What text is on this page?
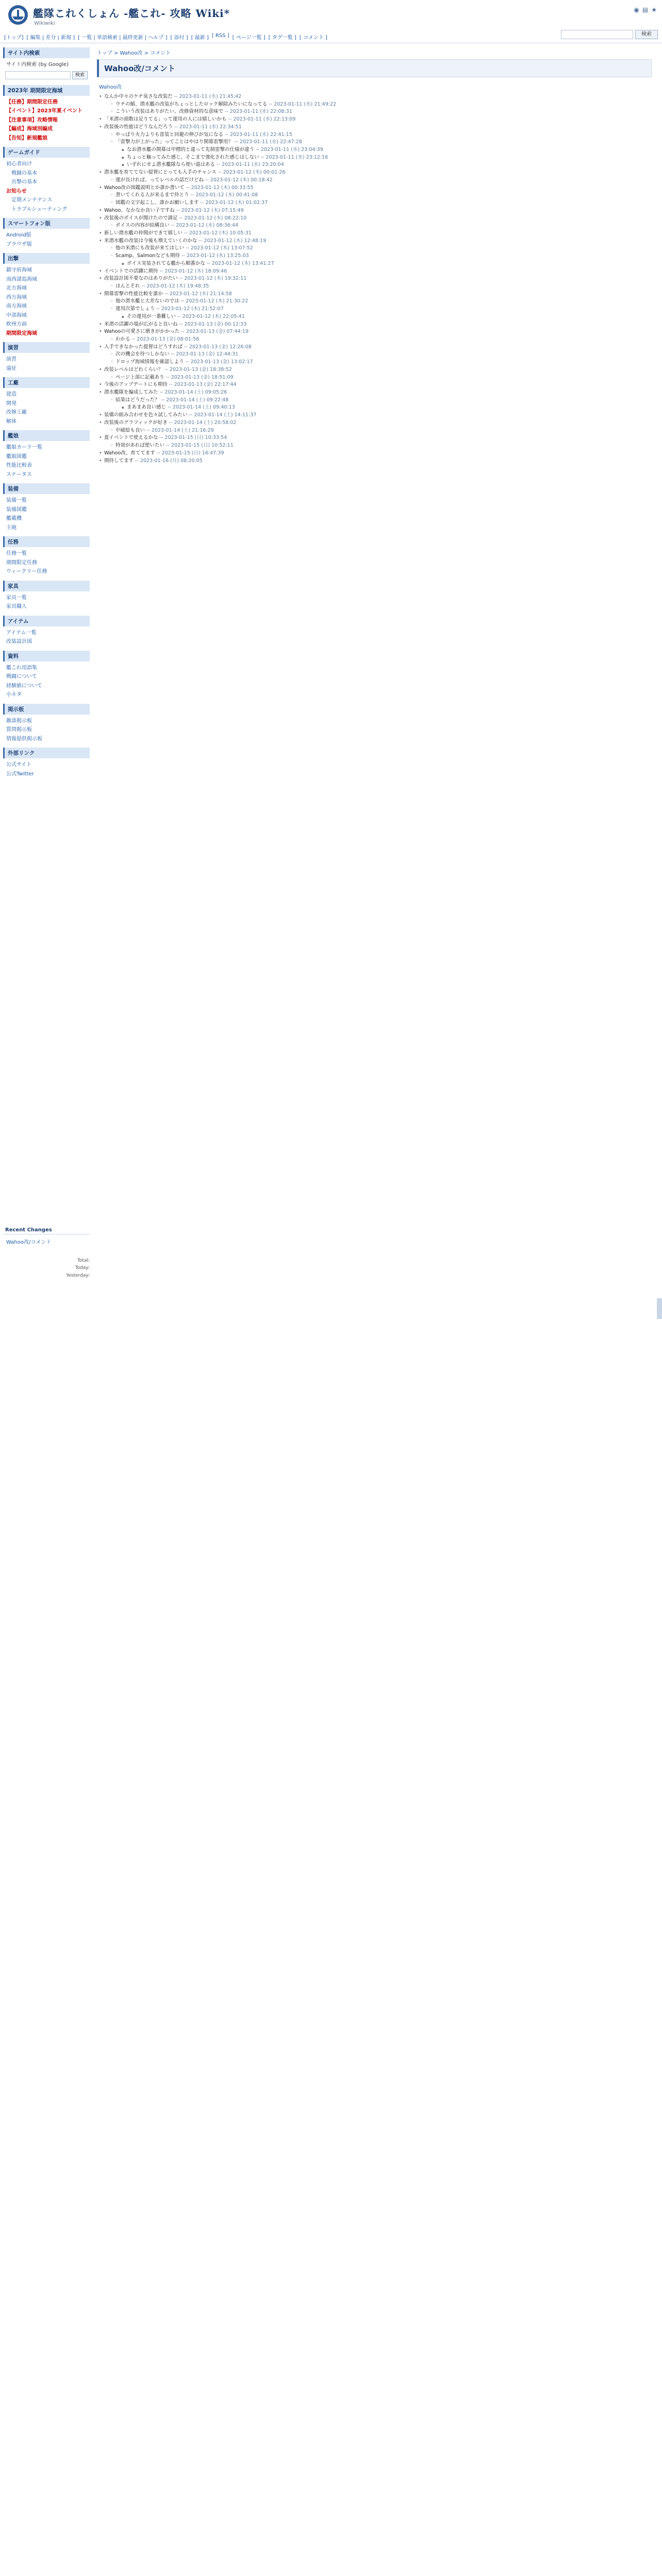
艦隊これくしょん -艦これ- 攻略 Wiki*
Wikiwiki
◉ ▤ ★
[トップ] [ 編集 | 差分 | 新規 ] [ 一覧 | 単語検索 | 最終更新 | ヘルプ ] [ 添付 ] [ 最新 ] [ RSS ] [ ページ一覧 ] [ タグ一覧 ] [ コメント ]
検索
サイト内検索
サイト内検索 (by Google)
検索
2023年 期間限定海域
【任務】期間限定任務
【イベント】2023年夏イベント
【注意事項】攻略情報
【編成】海域別編成
【告知】新規艦娘
ゲームガイド
初心者向け
戦闘の基本
出撃の基本
お知らせ
定期メンテナンス
トラブルシューティング
スマートフォン版
Android版
ブラウザ版
出撃
鎮守府海域
南西諸島海域
北方海域
西方海域
南方海域
中部海域
欧州方面
期間限定海域
演習
演習
遠征
工廠
建造
開発
改修工廠
解体
艦娘
艦娘カード一覧
艦娘図鑑
性能比較表
ステータス
装備
装備一覧
装備図鑑
艦載機
主砲
任務
任務一覧
期間限定任務
ウィークリー任務
家具
家具一覧
家具職人
アイテム
アイテム一覧
改装設計図
資料
艦これ用語集
戦闘について
経験値について
小ネタ
掲示板
雑談掲示板
質問掲示板
情報提供掲示板
外部リンク
公式サイト
公式Twitter
Recent Changes
Wahoo改/コメント
Total:
Today:
Yesterday:
トップ > Wahoo改 > コメント
Wahoo改/コメント
Wahoo改
• なんか中々のケチ臭さな改装だ -- 2023-01-11 (水) 21:45:42
◦ ウチの鯖、潜水艦の改装がちょっとしたロック解除みたいになってる -- 2023-01-11 (水) 21:49:22
◦ こういう改装はありがたい、改修資材的な意味で -- 2023-01-11 (水) 22:08:31
• 「米潜の頭数は足りてる」って運用の人には嬉しいかも -- 2023-01-11 (水) 22:13:09
• 改装後の性能はどうなんだろう -- 2023-01-11 (水) 22:34:51
◦ やっぱり火力よりも雷装と回避の伸びが気になる -- 2023-01-11 (水) 22:41:15
◦ 「雷撃力が上がった」ってことはやはり開幕雷撃用？ -- 2023-01-11 (水) 22:47:28
▪ なお潜水艦の開幕は甲標的と違って先制雷撃の仕様が違う -- 2023-01-11 (水) 23:04:39
▪ ちょっと触ってみた感じ、そこまで強化された感じはしない -- 2023-01-11 (水) 23:12:16
▪ いずれにせよ潜水艦隊なら使い道はある -- 2023-01-11 (水) 23:20:04
• 潜水艦を育ててない提督にとっても入手のチャンス -- 2023-01-12 (木) 00:01:26
◦ 運が良ければ、ってレベルの話だけどね -- 2023-01-12 (木) 00:18:42
• Wahoo改の図鑑説明とか誰か書いて -- 2023-01-12 (木) 00:33:55
◦ 書いてくれる人が来るまで待とう -- 2023-01-12 (木) 00:41:08
◦ 図鑑の文字起こし、誰かお願いします -- 2023-01-12 (木) 01:02:37
• Wahoo、なかなか良い子ですね -- 2023-01-12 (木) 07:15:49
• 改装後のボイスが聞けたので満足 -- 2023-01-12 (木) 08:22:10
◦ ボイスの内容が結構良い -- 2023-01-12 (木) 08:36:44
• 新しい潜水艦の仲間ができて嬉しい -- 2023-01-12 (木) 10:05:31
• 米潜水艦の改装は今後も増えていくのかな -- 2023-01-12 (木) 12:48:19
◦ 他の米潜にも改装が来てほしい -- 2023-01-12 (木) 13:07:52
◦ Scamp、Salmonなども期待 -- 2023-01-12 (木) 13:25:03
▪ ボイス実装されてる艦から順番かな -- 2023-01-12 (木) 13:41:27
• イベントでの活躍に期待 -- 2023-01-12 (木) 18:09:46
• 改装設計図不要なのはありがたい -- 2023-01-12 (木) 19:32:11
◦ ほんとそれ -- 2023-01-12 (木) 19:48:35
• 開幕雷撃の性能比較を誰か -- 2023-01-12 (木) 21:14:58
◦ 他の潜水艦と大差ないのでは -- 2023-01-12 (木) 21:30:22
◦ 運用次第でしょう -- 2023-01-12 (木) 21:52:07
▪ その運用が一番難しい -- 2023-01-12 (木) 22:05:41
• 米潜の活躍の場が広がると良いね -- 2023-01-13 (金) 00:12:33
• Wahooの可愛さに磨きがかかった -- 2023-01-13 (金) 07:44:19
◦ わかる -- 2023-01-13 (金) 08:01:56
• 入手できなかった提督はどうすれば -- 2023-01-13 (金) 12:26:08
◦ 次の機会を待つしかない -- 2023-01-13 (金) 12:44:31
◦ ドロップ海域情報を確認しよう -- 2023-01-13 (金) 13:02:17
• 改装レベルはどれくらい？ -- 2023-01-13 (金) 18:38:52
◦ ページ上部に記載あり -- 2023-01-13 (金) 18:51:09
• 今後のアップデートにも期待 -- 2023-01-13 (金) 22:17:44
• 潜水艦隊を編成してみた -- 2023-01-14 (土) 09:05:26
◦ 結果はどうだった？ -- 2023-01-14 (土) 09:22:48
▪ まあまあ良い感じ -- 2023-01-14 (土) 09:40:13
• 装備の組み合わせを色々試してみたい -- 2023-01-14 (土) 14:11:37
• 改装後のグラフィックが好き -- 2023-01-14 (土) 20:58:02
◦ 中破絵も良い -- 2023-01-14 (土) 21:16:29
• 夏イベントで使えるかな -- 2023-01-15 (日) 10:33:54
◦ 特効があれば使いたい -- 2023-01-15 (日) 10:52:11
• Wahoo改、育ててます -- 2023-01-15 (日) 16:47:39
• 期待してます -- 2023-01-16 (月) 08:20:05
